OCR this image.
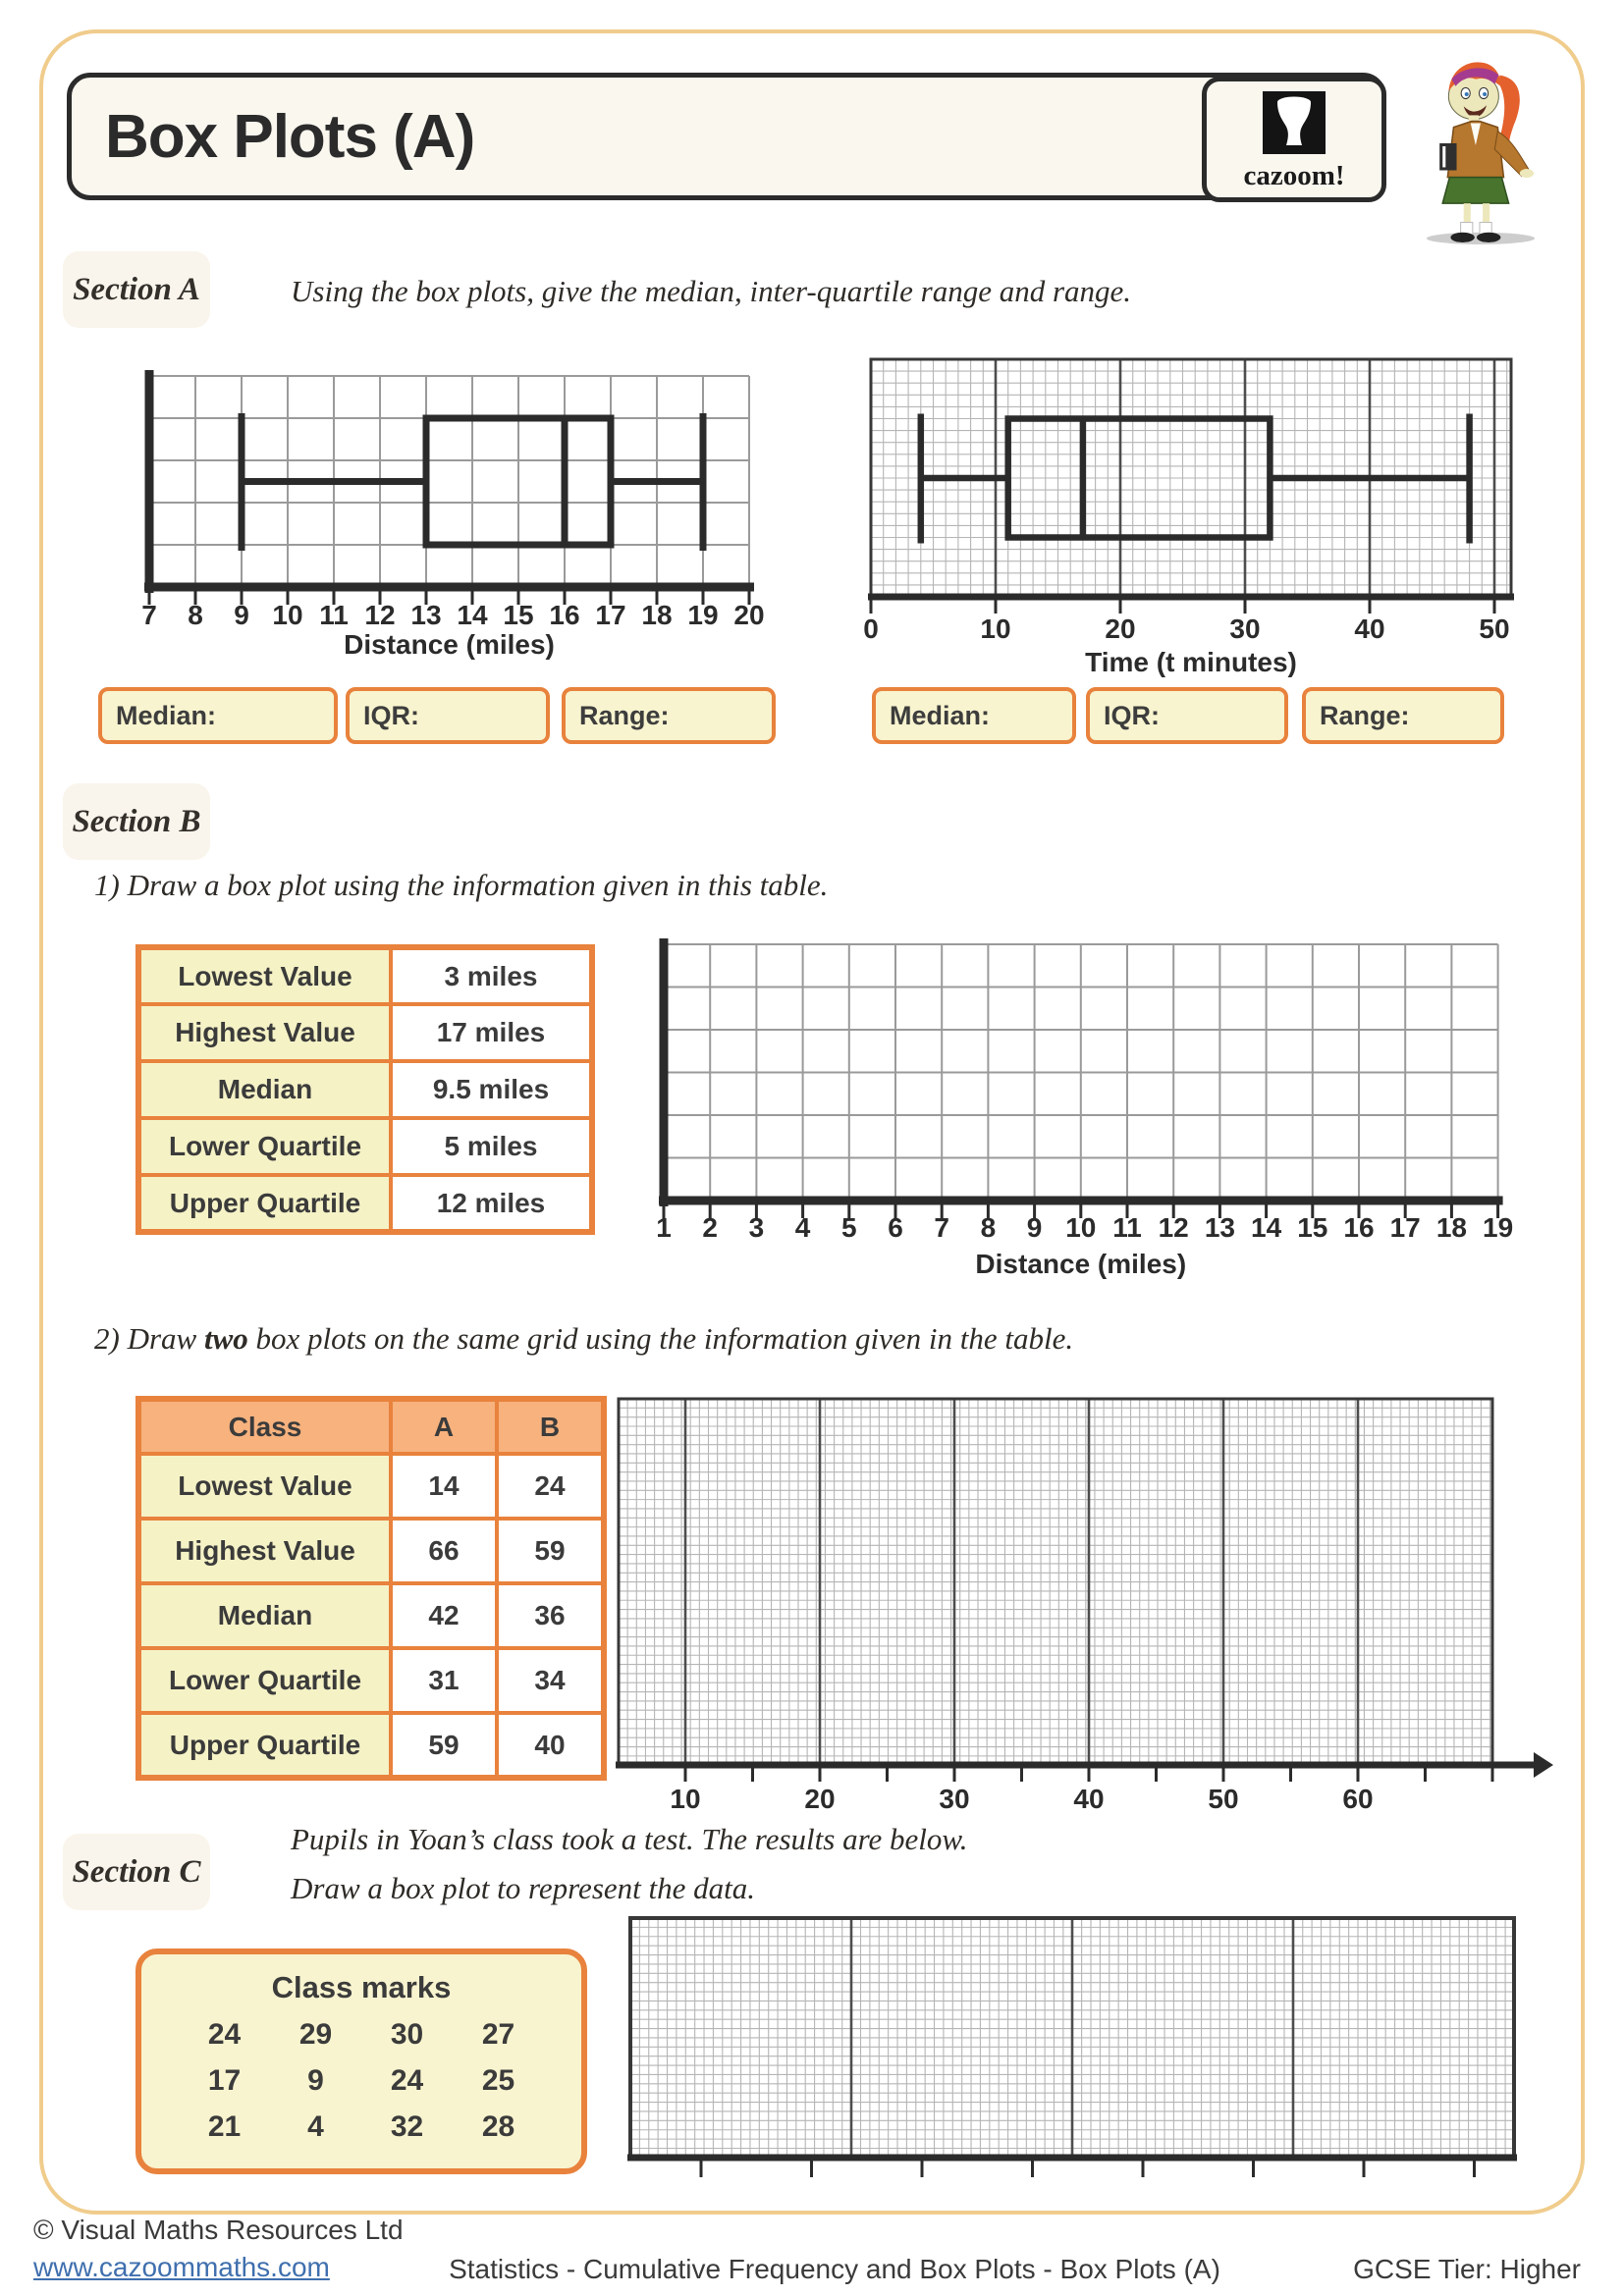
Box Plots (A)
cazoom!
Section A	Using the box plots, give the median, inter-quartile range and range.
7 8 9 10 11 12 13 14 15 16 17 18 19 20
Distance (miles)
0	10	20	30	40	50
Time (t minutes)
Median:	IQR:	Range:	Median:	IQR:	Range:
Section B
1) Draw a box plot using the information given in this table.
Lowest Value	3 miles
Highest Value	17 miles
Median	9.5 miles
Lower Quartile	5 miles
Upper Quartile	12 miles
1 2 3 4 5 6 7 8 9 10 11 12 13 14 15 16 17 18 19
Distance (miles)
2) Draw two box plots on the same grid using the information given in the table.
Class	A	B
Lowest Value	14	24
Highest Value	66	59
Median	42	36
Lower Quartile	31	34
Upper Quartile	59	40
10	20	30	40	50	60
Section C
Pupils in Yoan’s class took a test. The results are below.
Draw a box plot to represent the data.
Class marks
24	29	30	27
17	9	24	25
21	4	32	28
© Visual Maths Resources Ltd
www.cazoommaths.com	Statistics - Cumulative Frequency and Box Plots - Box Plots (A)	GCSE Tier: Higher
